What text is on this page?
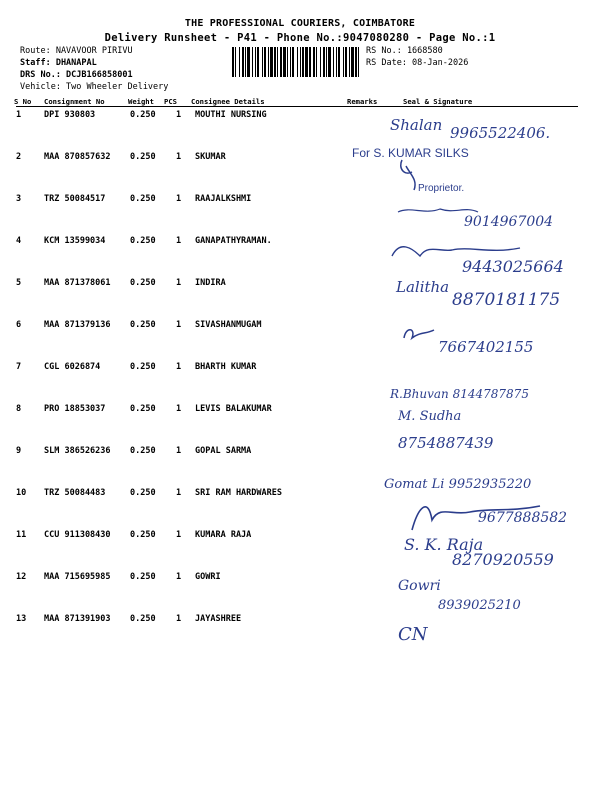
THE PROFESSIONAL COURIERS, COIMBATORE
Delivery Runsheet - P41 - Phone No.:9047080280 - Page No.:1
Route: NAVAVOOR PIRIVU
Staff: DHANAPAL
DRS No.: DCJB166858001
Vehicle: Two Wheeler Delivery
RS No.: 1668580
RS Date: 08-Jan-2026
S No Consignment No	Weight PCS Consignee Details	Remarks	Seal & Signature
1	DPI 930803	0.250 1 MOUTHI NURSING
2	MAA 870857632 0.250 1 SKUMAR
3	TRZ 50084517	0.250 1 RAAJALKSHMI
4	KCM 13599034	0.250 1 GANAPATHYRAMAN.
5	MAA 871378061 0.250 1 INDIRA
6	MAA 871379136 0.250 1 SIVASHANMUGAM
7	CGL 6026874	0.250 1 BHARTH KUMAR
8	PRO 18853037	0.250 1 LEVIS BALAKUMAR
9	SLM 386526236 0.250 1 GOPAL SARMA
10 TRZ 50084483	0.250 1 SRI RAM HARDWARES
11 CCU 911308430 0.250 1 KUMARA RAJA
12 MAA 715695985 0.250 1 GOWRI
13 MAA 871391903 0.250 1 JAYASHREE
Shalan 9965522406.
For S. KUMAR SILKS
Proprietor.
9014967004
9443025664
Lalitha
8870181175
7667402155
R.Bhuvan 8144787875
M. Sudha
8754887439
Gomat Li 9952935220
9677888582
S. K. Raja
8270920559
Gowri
8939025210
CN
